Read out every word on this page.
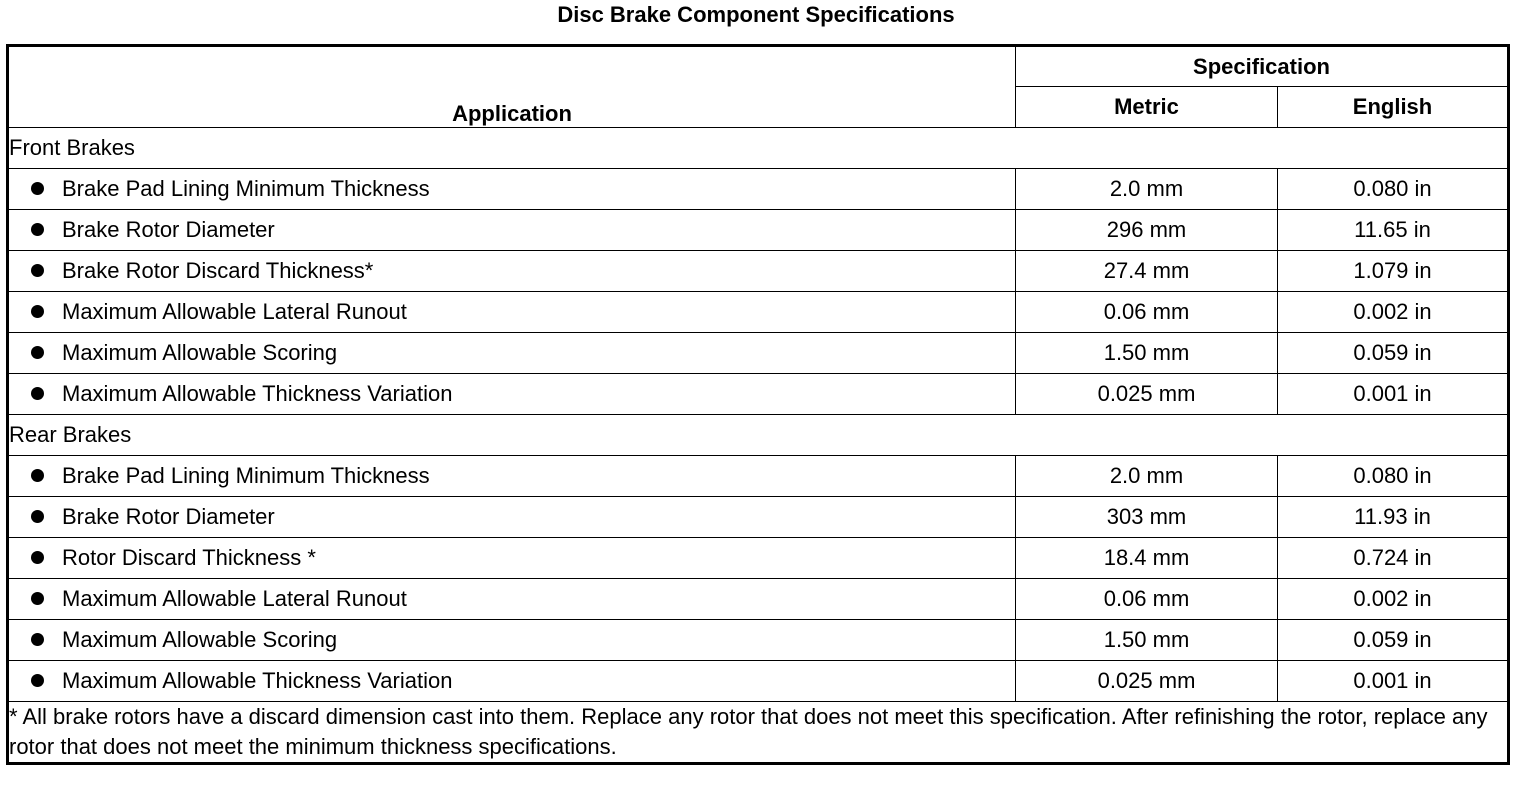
Disc Brake Component Specifications
Application	Specification	
	Metric	English
Front Brakes		
Brake Pad Lining Minimum Thickness	2.0 mm	0.080 in
Brake Rotor Diameter	296 mm	11.65 in
Brake Rotor Discard Thickness*	27.4 mm	1.079 in
Maximum Allowable Lateral Runout	0.06 mm	0.002 in
Maximum Allowable Scoring	1.50 mm	0.059 in
Maximum Allowable Thickness Variation	0.025 mm	0.001 in
Rear Brakes		
Brake Pad Lining Minimum Thickness	2.0 mm	0.080 in
Brake Rotor Diameter	303 mm	11.93 in
Rotor Discard Thickness *	18.4 mm	0.724 in
Maximum Allowable Lateral Runout	0.06 mm	0.002 in
Maximum Allowable Scoring	1.50 mm	0.059 in
Maximum Allowable Thickness Variation	0.025 mm	0.001 in
* All brake rotors have a discard dimension cast into them. Replace any rotor that does not meet this specification. After refinishing the rotor, replace any rotor that does not meet the minimum thickness specifications.		
